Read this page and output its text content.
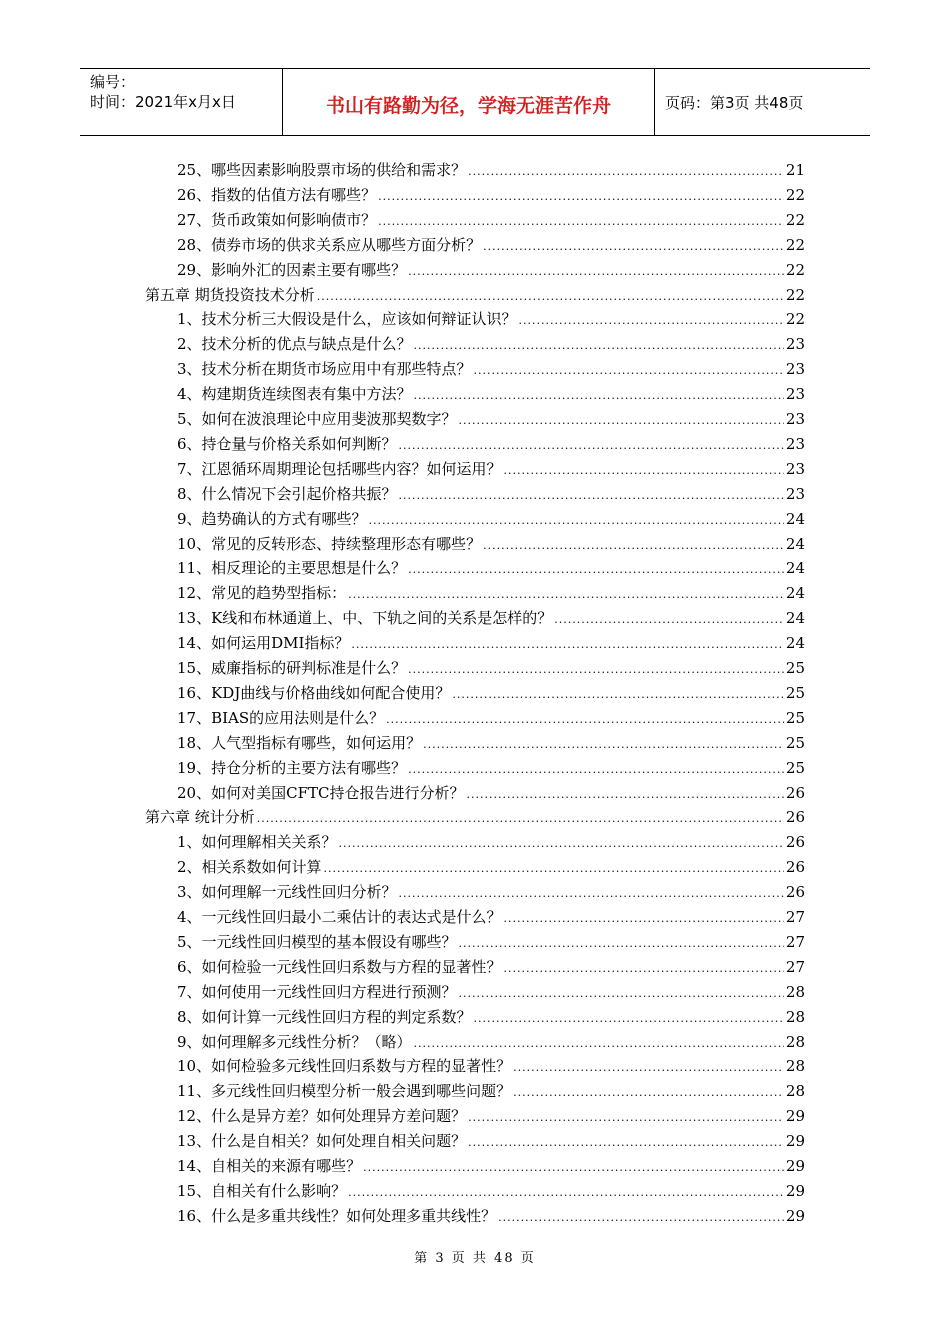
编号：
时间：2021年x月x日	书山有路勤为径，学海无涯苦作舟	页码：第3页 共48页
25、哪些因素影响股票市场的供给和需求？ .....	21
26、指数的估值方法有哪些？ .....	22
27、货币政策如何影响债市？ .....	22
28、债券市场的供求关系应从哪些方面分析？ .....	22
29、影响外汇的因素主要有哪些？ .....	22
第五章 期货投资技术分析 .....	22
1、技术分析三大假设是什么，应该如何辩证认识？ .....	22
2、技术分析的优点与缺点是什么？ .....	23
3、技术分析在期货市场应用中有那些特点？ .....	23
4、构建期货连续图表有集中方法？ .....	23
5、如何在波浪理论中应用斐波那契数字？ .....	23
6、持仓量与价格关系如何判断？ .....	23
7、江恩循环周期理论包括哪些内容？如何运用？ .....	23
8、什么情况下会引起价格共振？ .....	23
9、趋势确认的方式有哪些？ .....	24
10、常见的反转形态、持续整理形态有哪些？ .....	24
11、相反理论的主要思想是什么？ .....	24
12、常见的趋势型指标： .....	24
13、K线和布林通道上、中、下轨之间的关系是怎样的？ .....	24
14、如何运用DMI指标？ .....	24
15、威廉指标的研判标准是什么？ .....	25
16、KDJ曲线与价格曲线如何配合使用？ .....	25
17、BIAS的应用法则是什么？ .....	25
18、人气型指标有哪些，如何运用？ .....	25
19、持仓分析的主要方法有哪些？ .....	25
20、如何对美国CFTC持仓报告进行分析？ .....	26
第六章 统计分析 .....	26
1、如何理解相关关系？ .....	26
2、相关系数如何计算 .....	26
3、如何理解一元线性回归分析？ .....	26
4、一元线性回归最小二乘估计的表达式是什么？ .....	27
5、一元线性回归模型的基本假设有哪些？ .....	27
6、如何检验一元线性回归系数与方程的显著性？ .....	27
7、如何使用一元线性回归方程进行预测？ .....	28
8、如何计算一元线性回归方程的判定系数？ .....	28
9、如何理解多元线性分析？（略） .....	28
10、如何检验多元线性回归系数与方程的显著性？ .....	28
11、多元线性回归模型分析一般会遇到哪些问题？ .....	28
12、什么是异方差？如何处理异方差问题？ .....	29
13、什么是自相关？如何处理自相关问题？ .....	29
14、自相关的来源有哪些？ .....	29
15、自相关有什么影响？ .....	29
16、什么是多重共线性？如何处理多重共线性？ .....	29
第 3 页 共 48 页
